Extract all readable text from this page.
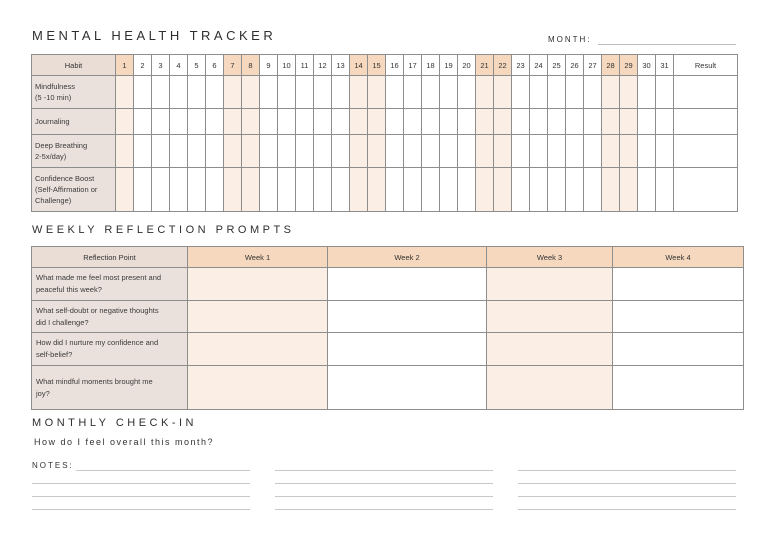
MENTAL HEALTH TRACKER	MONTH:
Habit	1	2	3	4	5	6	7	8	9	10	11	12	13	14	15	16	17	18	19	20	21	22	23	24	25	26	27	28	29	30	31	Result

Mindfulness
(5 -10 min)																																

Journaling																																

Deep Breathing
2-5x/day)																																

Confidence Boost
(Self-Affirmation or
Challenge)																																

WEEKLY REFLECTION PROMPTS
Reflection Point	Week 1	Week 2	Week 3	Week 4

What made me feel most present and
peaceful this week?				

What self-doubt or negative thoughts
did I challenge?				

How did I nurture my confidence and
self-belief?				

What mindful moments brought me
joy?				

MONTHLY CHECK-IN
How do I feel overall this month?
NOTES:
